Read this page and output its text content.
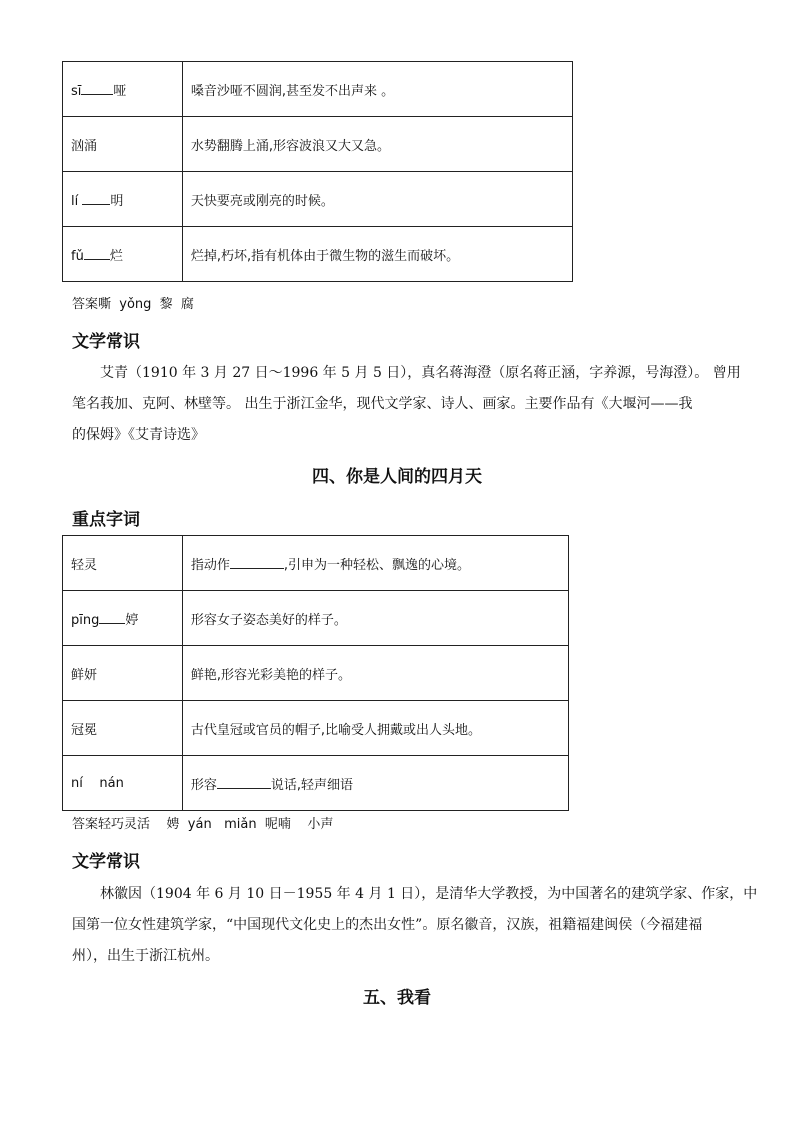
sī 哑	嗓音沙哑不圆润,甚至发不出声来 。
汹涌	水势翻腾上涌,形容波浪又大又急。
lí 明	天快要亮或刚亮的时候。
fǔ 烂	烂掉,朽坏,指有机体由于微生物的滋生而破坏。
答案嘶  yǒng  黎  腐
文学常识
艾青（1910 年 3 月 27 日～1996 年 5 月 5 日），真名蒋海澄（原名蒋正涵，字养源，号海澄）。 曾用
笔名莪加、克阿、林壁等。 出生于浙江金华，现代文学家、诗人、画家。主要作品有《大堰河——我
的保姆》《艾青诗选》
四、你是人间的四月天
重点字词
轻灵	指动作 ,引申为一种轻松、飘逸的心境。
pīng 婷	形容女子姿态美好的样子。
鲜妍	鲜艳,形容光彩美艳的样子。
冠冕	古代皇冠或官员的帽子,比喻受人拥戴或出人头地。
ní    nán	形容 说话,轻声细语
答案轻巧灵活    娉  yán   miǎn  呢喃    小声
文学常识
林徽因（1904 年 6 月 10 日－1955 年 4 月 1 日），是清华大学教授，为中国著名的建筑学家、作家，中
国第一位女性建筑学家，“中国现代文化史上的杰出女性”。原名徽音，汉族，祖籍福建闽侯（今福建福
州），出生于浙江杭州。
五、我看
